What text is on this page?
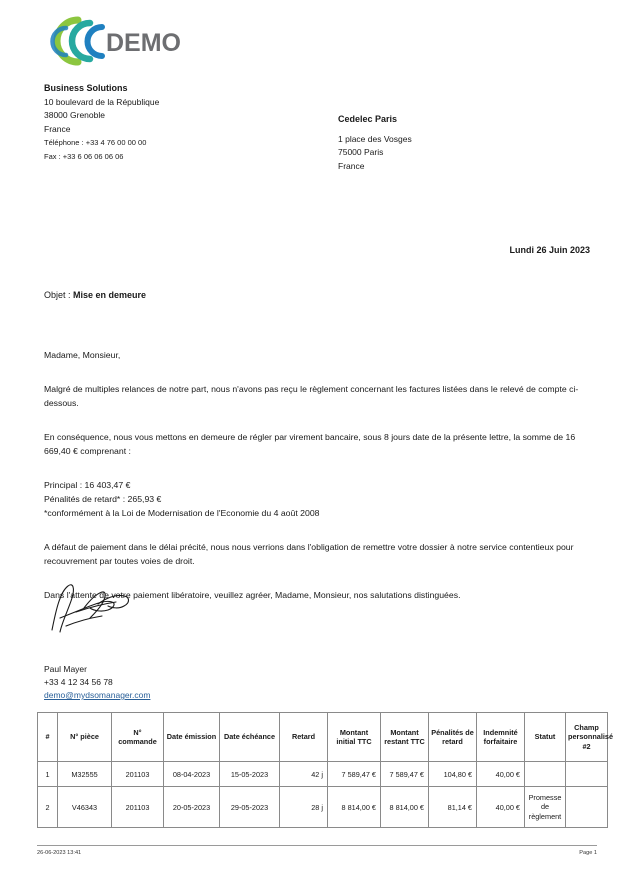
DEMO
Business Solutions
10 boulevard de la République
38000 Grenoble
France
Téléphone : +33 4 76 00 00 00
Fax : +33 6 06 06 06 06
Cedelec Paris
1 place des Vosges
75000 Paris
France
Lundi 26 Juin 2023
Objet : Mise en demeure

Madame, Monsieur,

Malgré de multiples relances de notre part, nous n'avons pas reçu le règlement concernant les factures listées dans le relevé de compte ci-dessous.

En conséquence, nous vous mettons en demeure de régler par virement bancaire, sous 8 jours date de la présente lettre, la somme de 16 669,40 € comprenant :

Principal : 16 403,47 €

Pénalités de retard* : 265,93 €

*conformément à la Loi de Modernisation de l'Economie du 4 août 2008

A défaut de paiement dans le délai précité, nous nous verrions dans l'obligation de remettre votre dossier à notre service contentieux pour recouvrement par toutes voies de droit.

Dans l'attente de votre paiement libératoire, veuillez agréer, Madame, Monsieur, nos salutations distinguées.

Paul Mayer
+33 4 12 34 56 78
demo@mydsomanager.com
#	N° pièce	N° commande	Date émission	Date échéance	Retard	Montant initial TTC	Montant restant TTC	Pénalités de retard	Indemnité forfaitaire	Statut	Champ personnalisé #2
1	M32555	201103	08-04-2023	15-05-2023	42 j	7 589,47 €	7 589,47 €	104,80 €	40,00 €		
2	V46343	201103	20-05-2023	29-05-2023	28 j	8 814,00 €	8 814,00 €	81,14 €	40,00 €	Promesse de règlement	
26-06-2023 13:41	Page 1
